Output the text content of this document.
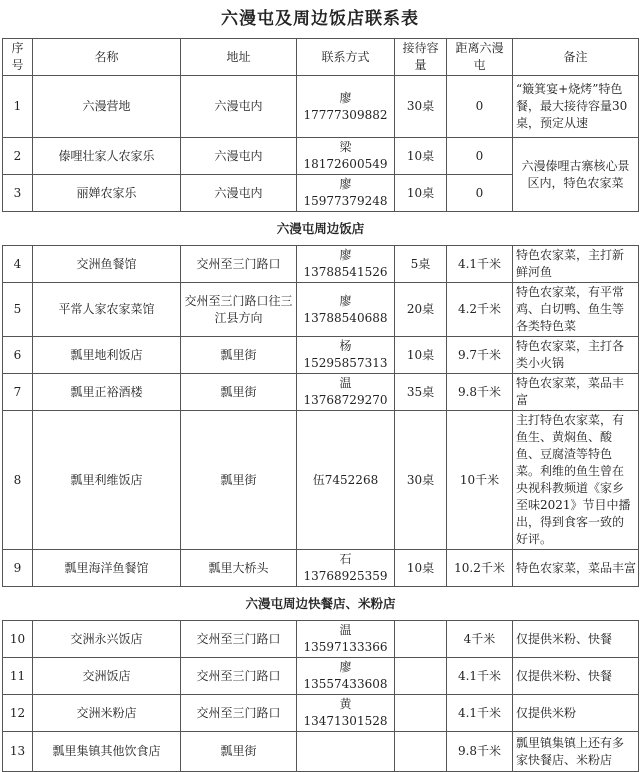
六漫屯及周边饭店联系表
序号	名称	地址	联系方式	接待容量	距离六漫屯	备注
1	六漫营地	六漫屯内	廖17777309882	30桌	0	“簸箕宴+烧烤”特色餐，最大接待容量30桌，预定从速
2	傣哩壮家人农家乐	六漫屯内	梁18172600549	10桌	0	六漫傣哩古寨核心景区内，特色农家菜
3	丽婵农家乐	六漫屯内	廖15977379248	10桌	0	
六漫屯周边饭店						
4	交洲鱼餐馆	交州至三门路口	廖13788541526	5桌	4.1千米	特色农家菜，主打新鲜河鱼
5	平常人家农家菜馆	交州至三门路口往三江县方向	廖13788540688	20桌	4.2千米	特色农家菜，有平常鸡、白切鸭、鱼生等各类特色菜
6	瓢里地利饭店	瓢里街	杨15295857313	10桌	9.7千米	特色农家菜，主打各类小火锅
7	瓢里正裕酒楼	瓢里街	温13768729270	35桌	9.8千米	特色农家菜，菜品丰富
8	瓢里利维饭店	瓢里街	伍7452268	30桌	10千米	主打特色农家菜，有鱼生、黄焖鱼、酸鱼、豆腐渣等特色菜。利维的鱼生曾在央视科教频道《家乡至味2021》节目中播出，得到食客一致的好评。
9	瓢里海洋鱼餐馆	瓢里大桥头	石13768925359	10桌	10.2千米	特色农家菜，菜品丰富
六漫屯周边快餐店、米粉店						
10	交洲永兴饭店	交州至三门路口	温13597133366		4千米	仅提供米粉、快餐
11	交洲饭店	交州至三门路口	廖13557433608		4.1千米	仅提供米粉、快餐
12	交洲米粉店	交州至三门路口	黄13471301528		4.1千米	仅提供米粉
13	瓢里集镇其他饮食店	瓢里街			9.8千米	瓢里镇集镇上还有多家快餐店、米粉店
